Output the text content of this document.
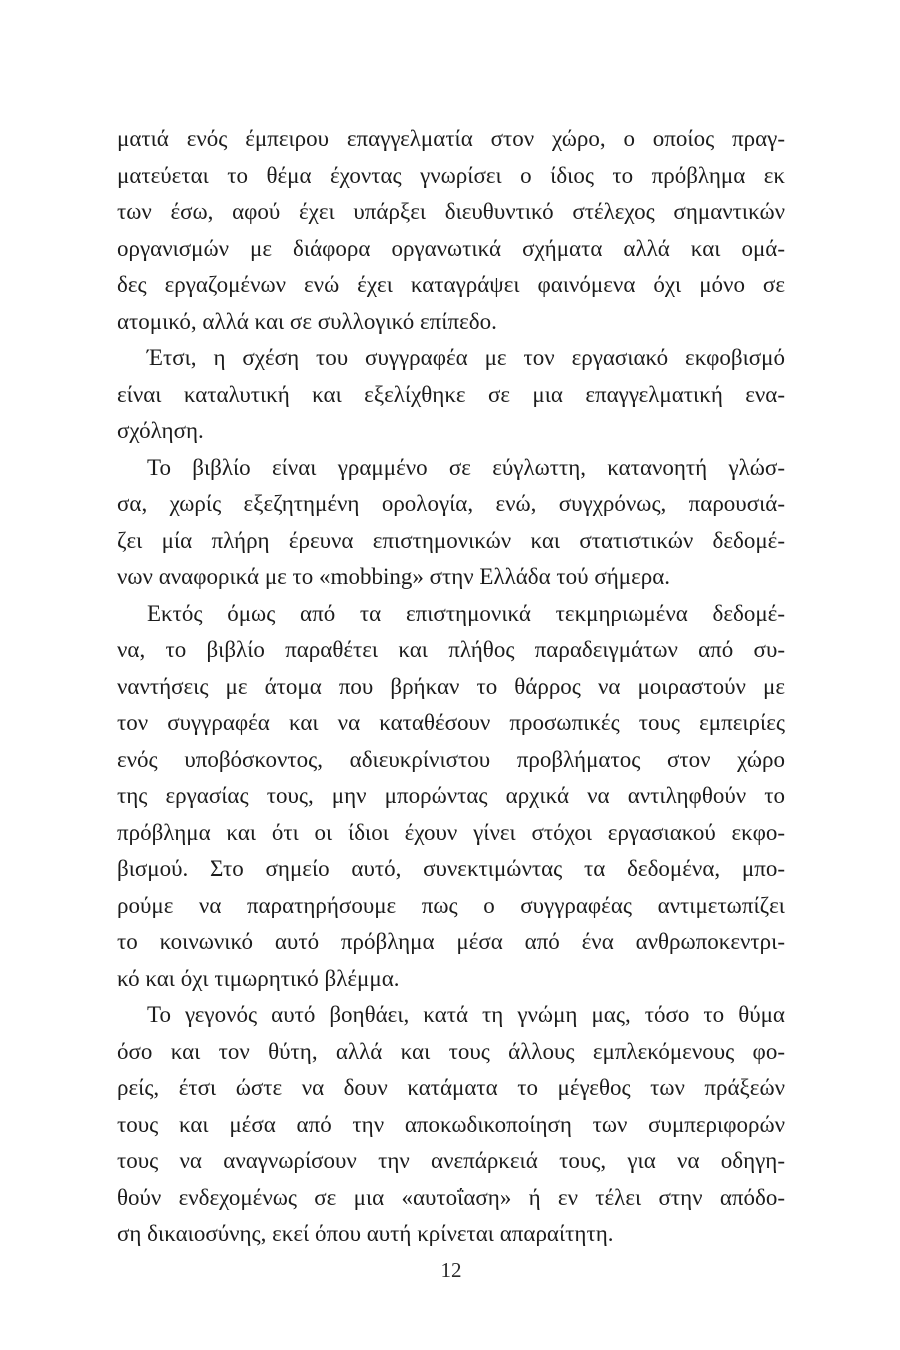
ματιά ενός έμπειρου επαγγελματία στον χώρο, ο οποίος πραγ-
ματεύεται το θέμα έχοντας γνωρίσει ο ίδιος το πρόβλημα εκ
των έσω, αφού έχει υπάρξει διευθυντικό στέλεχος σημαντικών
οργανισμών με διάφορα οργανωτικά σχήματα αλλά και ομά-
δες εργαζομένων ενώ έχει καταγράψει φαινόμενα όχι μόνο σε
ατομικό, αλλά και σε συλλογικό επίπεδο.
Έτσι, η σχέση του συγγραφέα με τον εργασιακό εκφοβισμό
είναι καταλυτική και εξελίχθηκε σε μια επαγγελματική ενα-
σχόληση.
Το βιβλίο είναι γραμμένο σε εύγλωττη, κατανοητή γλώσ-
σα, χωρίς εξεζητημένη ορολογία, ενώ, συγχρόνως, παρουσιά-
ζει μία πλήρη έρευνα επιστημονικών και στατιστικών δεδομέ-
νων αναφορικά με το «mobbing» στην Ελλάδα τού σήμερα.
Εκτός όμως από τα επιστημονικά τεκμηριωμένα δεδομέ-
να, το βιβλίο παραθέτει και πλήθος παραδειγμάτων από συ-
ναντήσεις με άτομα που βρήκαν το θάρρος να μοιραστούν με
τον συγγραφέα και να καταθέσουν προσωπικές τους εμπειρίες
ενός υποβόσκοντος, αδιευκρίνιστου προβλήματος στον χώρο
της εργασίας τους, μην μπορώντας αρχικά να αντιληφθούν το
πρόβλημα και ότι οι ίδιοι έχουν γίνει στόχοι εργασιακού εκφο-
βισμού. Στο σημείο αυτό, συνεκτιμώντας τα δεδομένα, μπο-
ρούμε να παρατηρήσουμε πως ο συγγραφέας αντιμετωπίζει
το κοινωνικό αυτό πρόβλημα μέσα από ένα ανθρωποκεντρι-
κό και όχι τιμωρητικό βλέμμα.
Το γεγονός αυτό βοηθάει, κατά τη γνώμη μας, τόσο το θύμα
όσο και τον θύτη, αλλά και τους άλλους εμπλεκόμενους φο-
ρείς, έτσι ώστε να δουν κατάματα το μέγεθος των πράξεών
τους και μέσα από την αποκωδικοποίηση των συμπεριφορών
τους να αναγνωρίσουν την ανεπάρκειά τους, για να οδηγη-
θούν ενδεχομένως σε μια «αυτοΐαση» ή εν τέλει στην απόδο-
ση δικαιοσύνης, εκεί όπου αυτή κρίνεται απαραίτητη.
12
